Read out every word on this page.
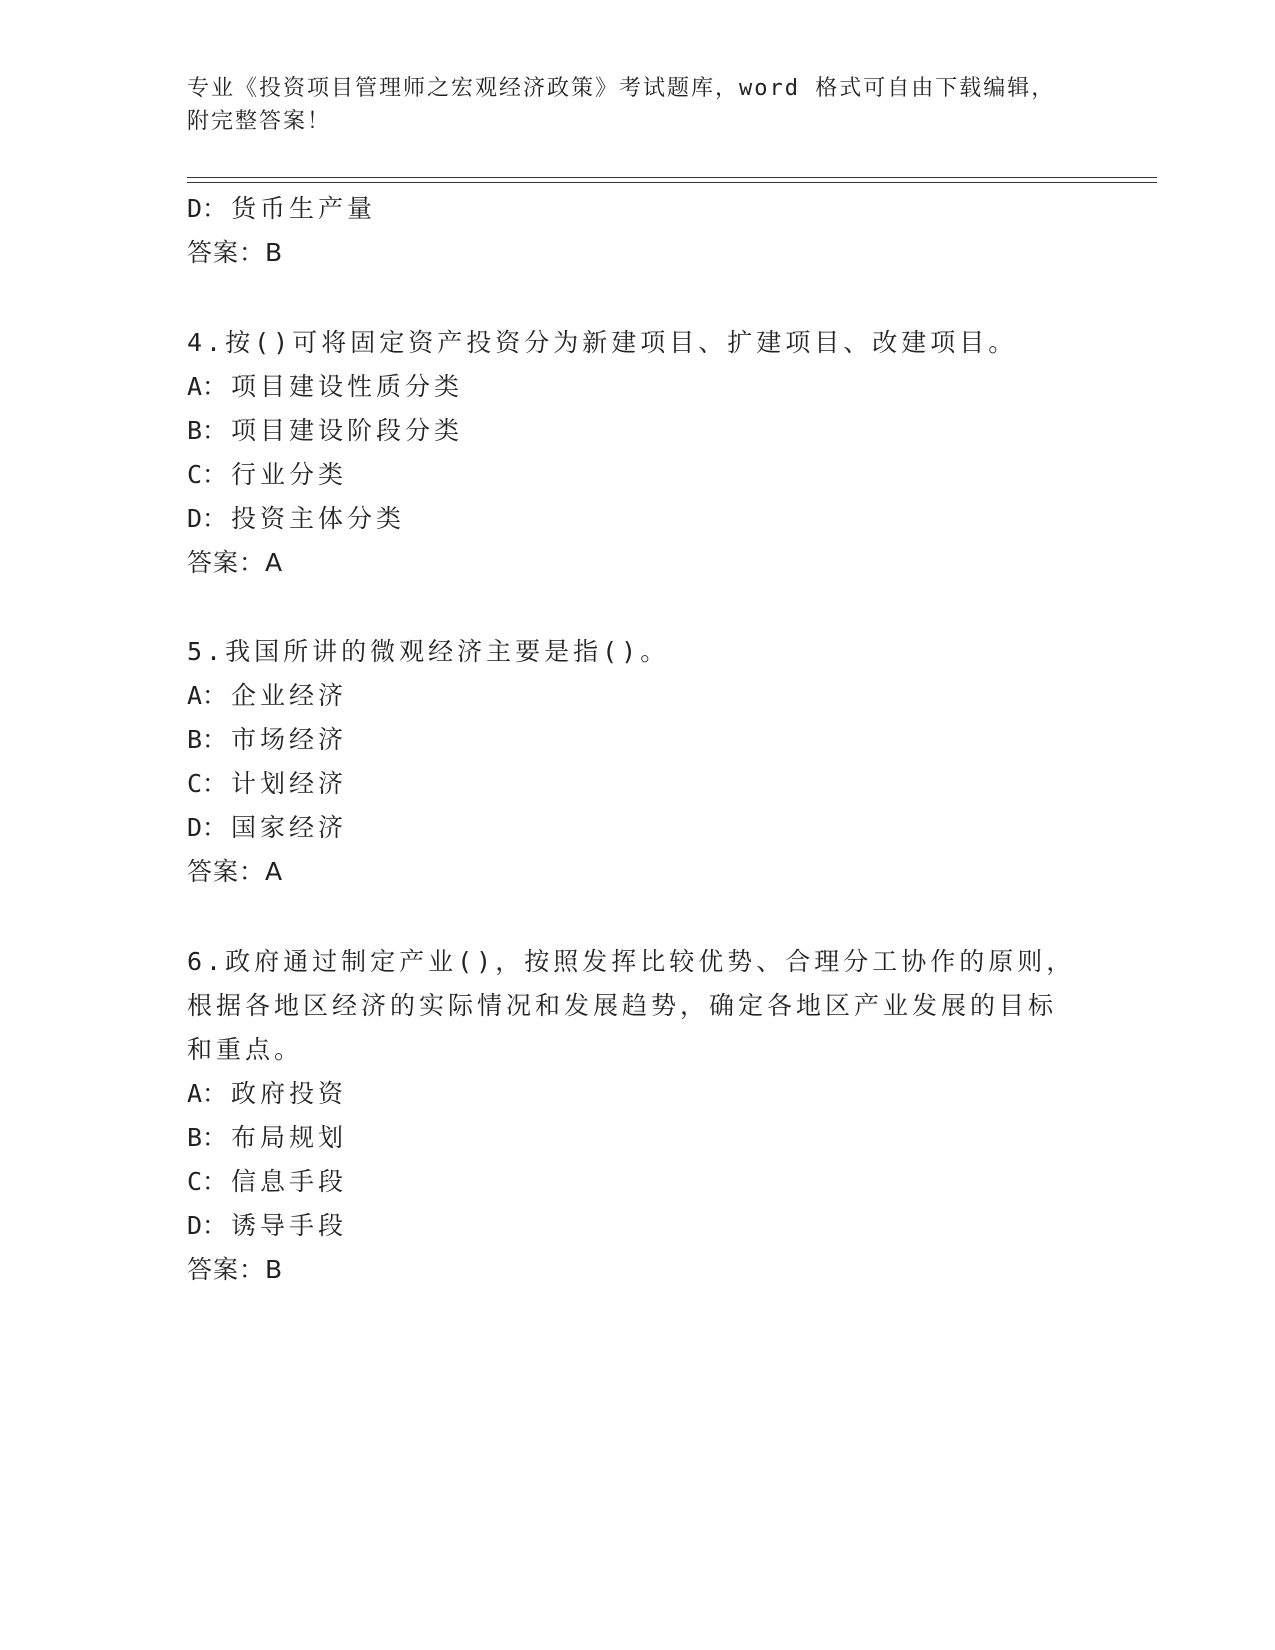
专业《投资项目管理师之宏观经济政策》考试题库，word 格式可自由下载编辑，
附完整答案！
D： 货币生产量
答案：B
4.按()可将固定资产投资分为新建项目、扩建项目、改建项目。
A： 项目建设性质分类
B： 项目建设阶段分类
C： 行业分类
D： 投资主体分类
答案：A
5.我国所讲的微观经济主要是指()。
A： 企业经济
B： 市场经济
C： 计划经济
D： 国家经济
答案：A
6.政府通过制定产业()，按照发挥比较优势、合理分工协作的原则，
根据各地区经济的实际情况和发展趋势，确定各地区产业发展的目标
和重点。
A： 政府投资
B： 布局规划
C： 信息手段
D： 诱导手段
答案：B
